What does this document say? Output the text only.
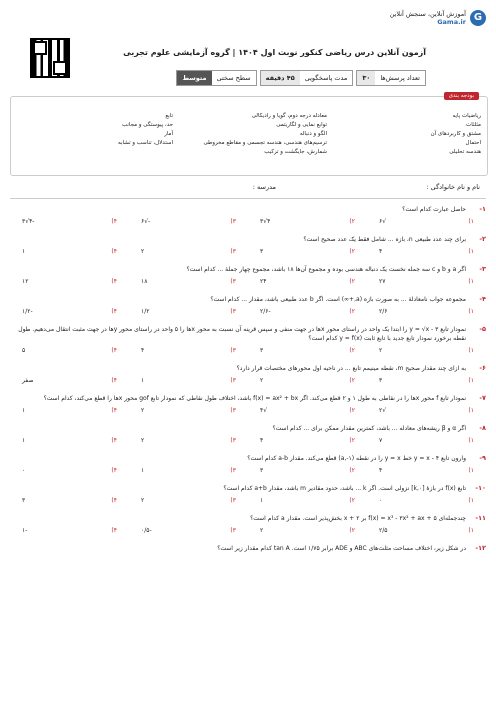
G
آموزش آنلاین، سنجش آنلاین
Gama.ir
آزمون آنلاین درس ریاضی کنکور نوبت اول ۱۴۰۴ | گروه آزمایشی علوم تجربی
تعداد پرسش‌ها
۳۰
مدت پاسخگویی
۴۵ دقیقه
سطح سختی
متوسط
بودجه بندی
ریاضیات پایه
معادله درجه دوم، گویا و رادیکالی
تابع
مثلثات
توابع نمایی و لگاریتمی
حد، پیوستگی و مجانب
مشتق و کاربردهای آن
الگو و دنباله
آمار
احتمال
ترسیم‌های هندسی، هندسه تجسمی و مقاطع مخروطی
استدلال، تناسب و تشابه
هندسه تحلیلی
شمارش، جایگشت و ترکیب
نام و نام خانوادگی :
مدرسه :
۱-
حاصل عبارت کدام است؟
۱)
√۶
۲)
۴√۳
۳)
-√۶
۴)
-۴√۳
۲-
برای چند عدد طبیعی n، بازه ... شامل فقط یک عدد صحیح است؟
۱)
۴
۲)
۳
۳)
۲
۴)
۱
۳-
اگر a و b و c سه جمله نخست یک دنباله هندسی بوده و مجموع آن‌ها ۱۸ باشد، مجموع چهار جملهٔ ... کدام است؟
۱)
۲۷
۲)
۲۴
۳)
۱۸
۴)
۱۲
۴-
مجموعه جواب نامعادلهٔ ... به صورت بازه (a,+∞) است. اگر b عدد طبیعی باشد، مقدار ... کدام است؟
۱)
۲/۶
۲)
-۲/۶
۳)
۱/۲
۴)
-۱/۲
۵-
نمودار تابع y = √x - ۳ را ابتدا یک واحد در راستای محور xها در جهت منفی و سپس قرینه آن نسبت به محور xها را ۵ واحد در راستای محور yها در جهت مثبت انتقال می‌دهیم. طول نقطه برخورد نمودار تابع جدید با تابع ثابت y = f(x) کدام است؟
۱)
۲
۲)
۳
۳)
۴
۴)
۵
۶-
به ازای چند مقدار صحیح m، نقطه مینیمم تابع ... در ناحیه اول محورهای مختصات قرار دارد؟
۱)
۳
۲)
۲
۳)
۱
۴)
صفر
۷-
نمودار تابع f محور xها را در نقاطی به طول ۱ و ۲ قطع می‌کند. اگر f(x) = ax² + bx باشد، اختلاف طول نقاطی که نمودار تابع gof محور xها را قطع می‌کند، کدام است؟
۱)
√۲
۲)
√۴
۳)
۲
۴)
۱
۸-
اگر α و β ریشه‌های معادله ... باشد، کمترین مقدار ممکن برای ... کدام است؟
۱)
۷
۲)
۴
۳)
۲
۴)
۱
۹-
وارون تابع y = x - ۴ خط y = x را در نقطه (a,-۱) قطع می‌کند. مقدار a-b کدام است؟
۱)
۴
۲)
۳
۳)
۱
۴)
۰
۱۰-
تابع f(x) در بازهٔ [۰,k] نزولی است. اگر k ... باشد، حدود مقادیر m باشد، مقدار a+b کدام است؟
۱)
۰
۲)
۱
۳)
۲
۴)
۳
۱۱-
چندجمله‌ای f(x) = x³ - ۳x² + ax + ۵ بر x + ۲ بخش‌پذیر است. مقدار a کدام است؟
۱)
۲/۵
۲)
۲
۳)
-۰/۵
۴)
-۱
۱۲-
در شکل زیر، اختلاف مساحت مثلث‌های ABC و ADE برابر ۱/۷۵ است. tan A کدام مقدار زیر است؟
